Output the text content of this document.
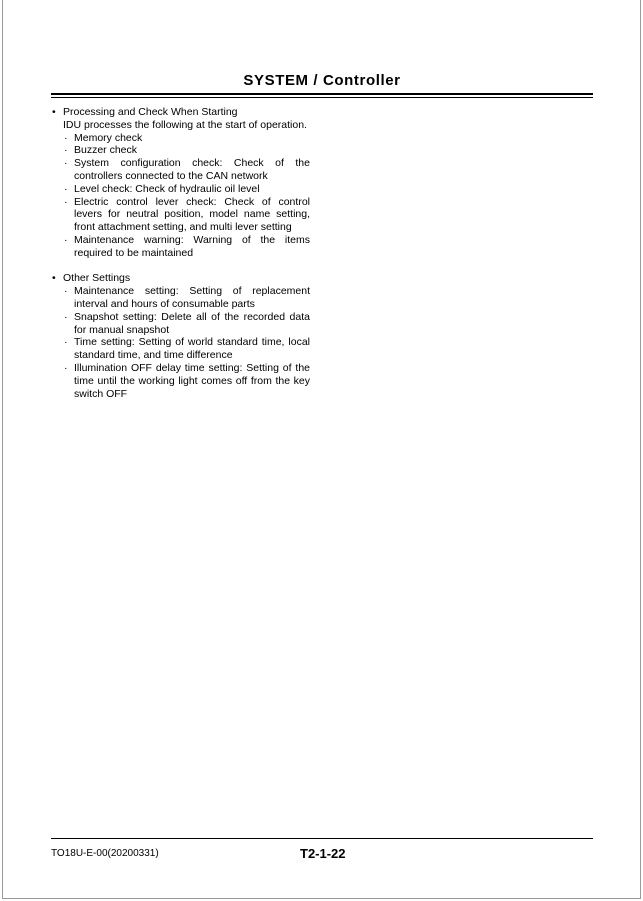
SYSTEM / Controller
• Processing and Check When Starting
IDU processes the following at the start of operation.
· Memory check
· Buzzer check
· System configuration check: Check of the controllers connected to the CAN network
· Level check: Check of hydraulic oil level
· Electric control lever check: Check of control levers for neutral position, model name setting, front attachment setting, and multi lever setting
· Maintenance warning: Warning of the items required to be maintained
• Other Settings
· Maintenance setting: Setting of replacement interval and hours of consumable parts
· Snapshot setting: Delete all of the recorded data for manual snapshot
· Time setting: Setting of world standard time, local standard time, and time difference
· Illumination OFF delay time setting: Setting of the time until the working light comes off from the key switch OFF
TO18U-E-00(20200331)	T2-1-22
